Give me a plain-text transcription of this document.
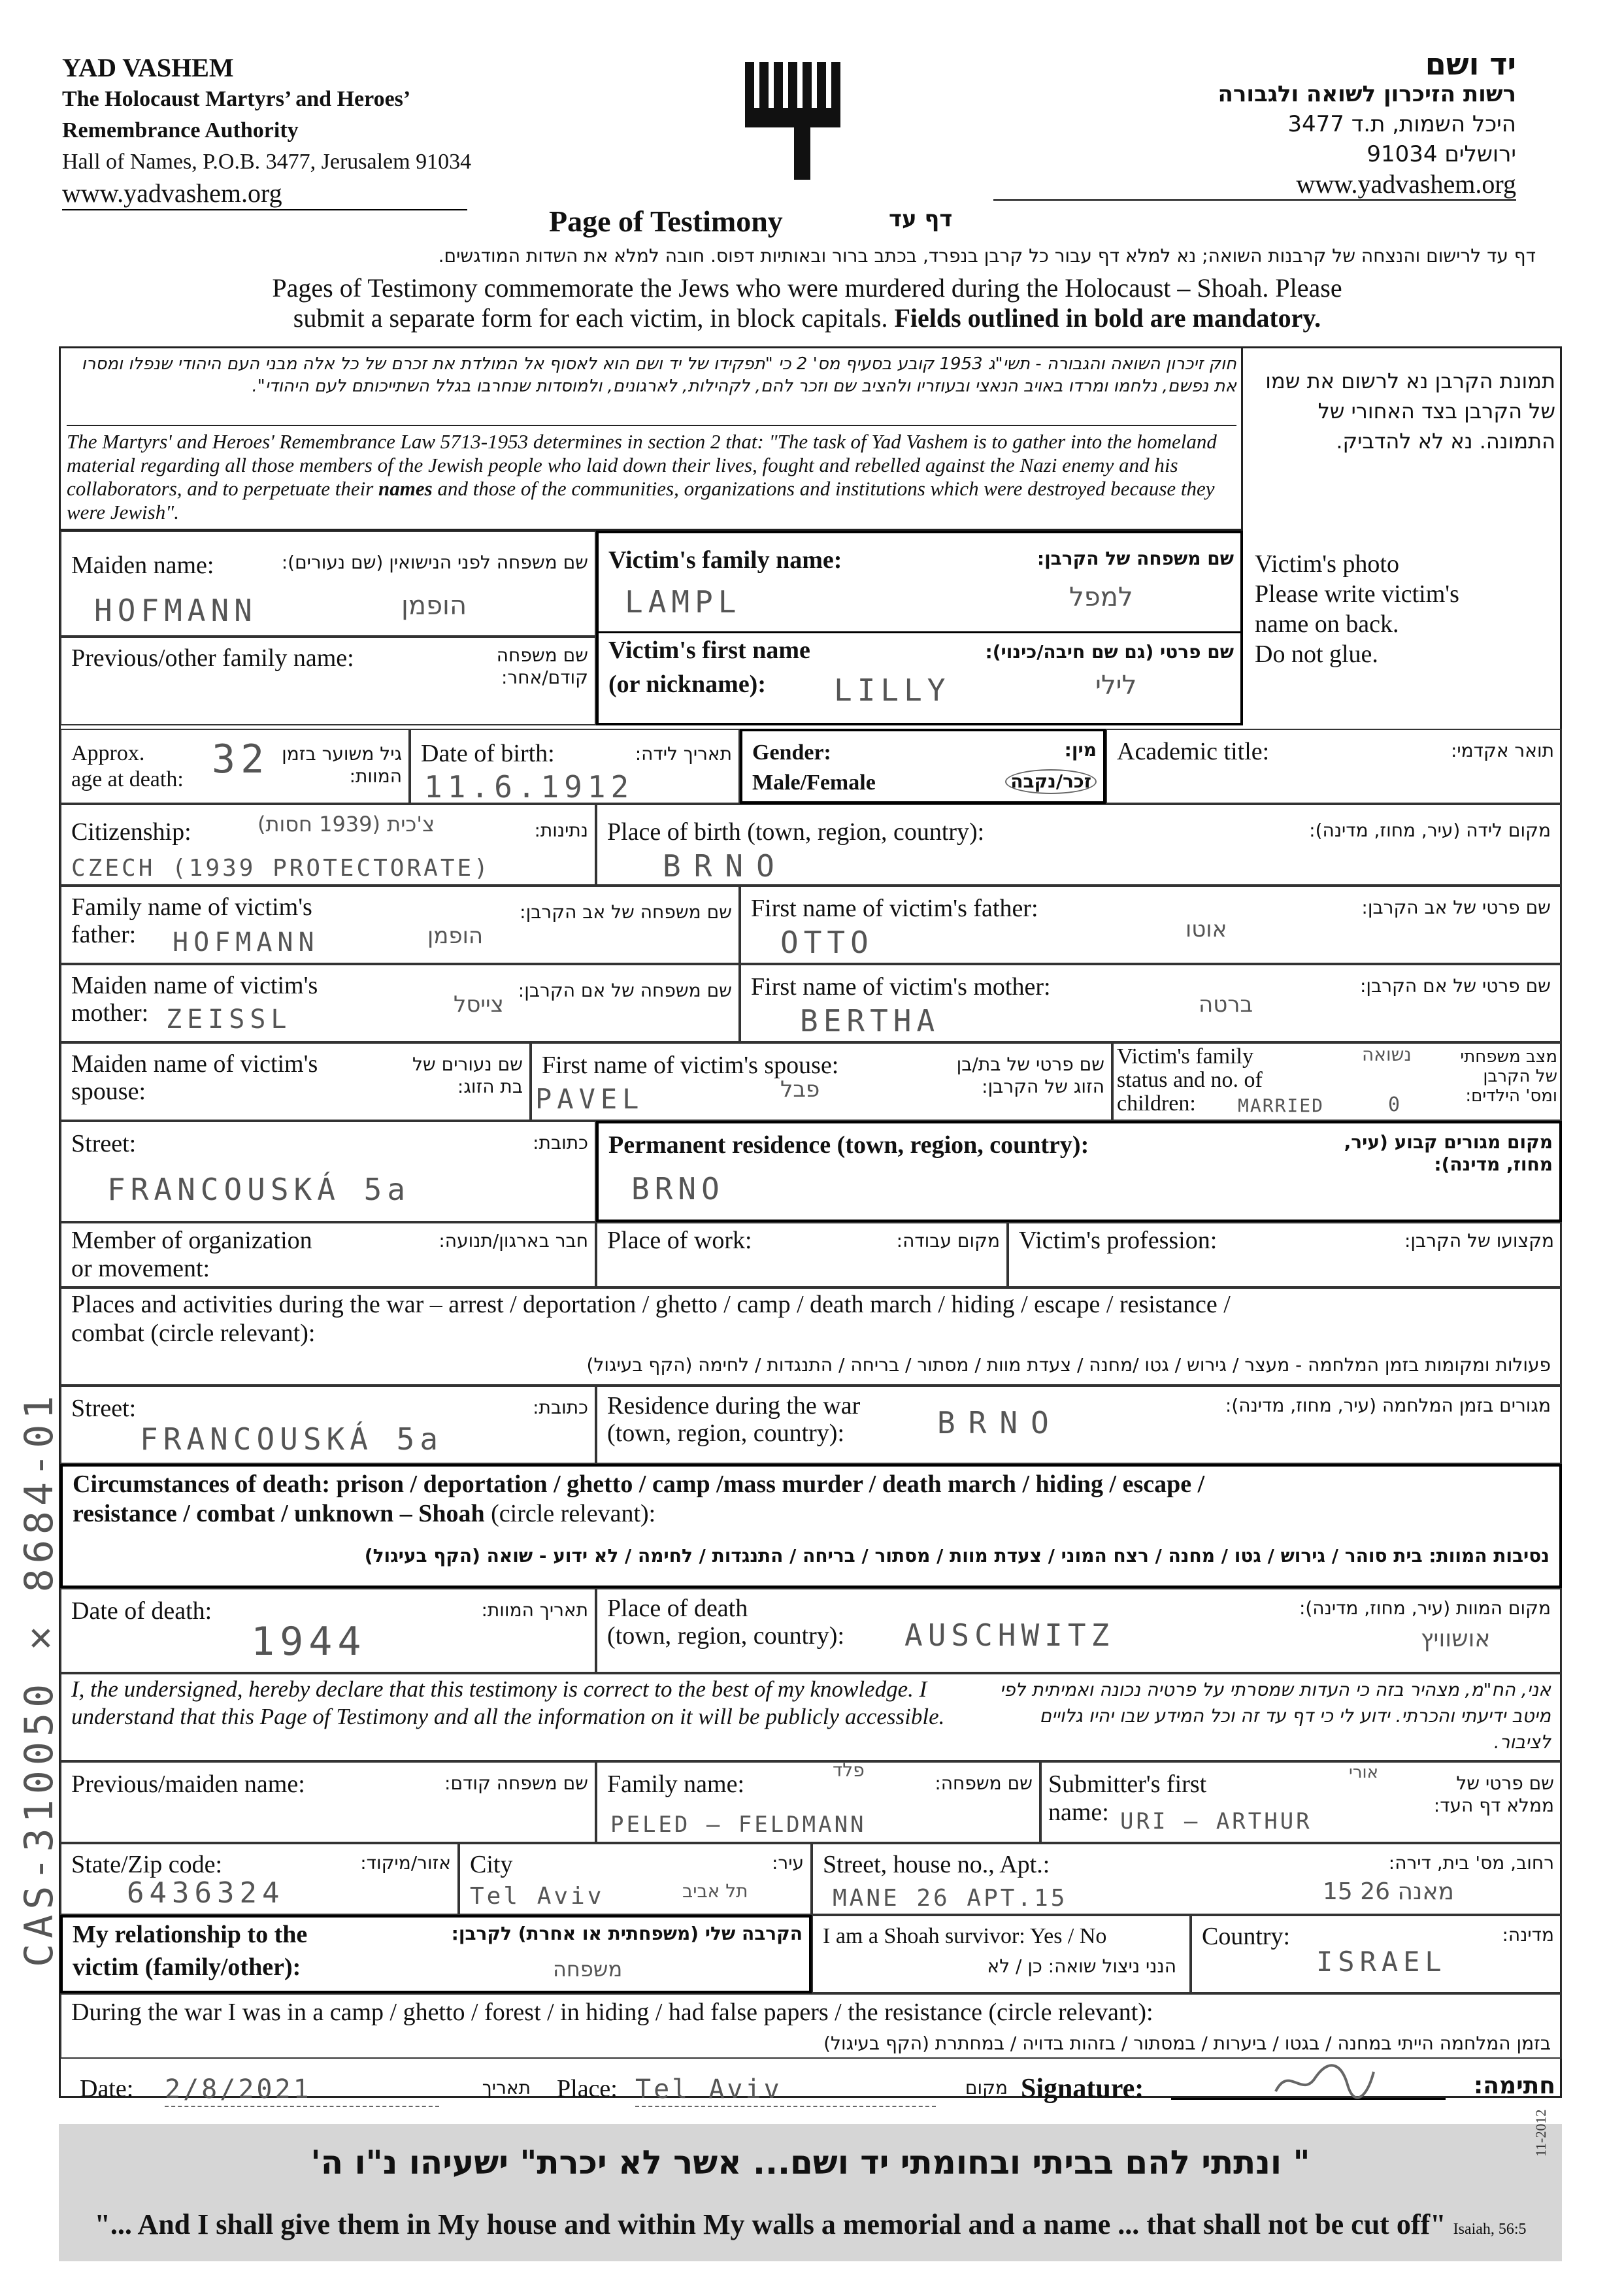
YAD VASHEM
The Holocaust Martyrs’ and Heroes’
Remembrance Authority
Hall of Names, P.O.B. 3477, Jerusalem 91034
www.yadvashem.org
יד ושם
רשות הזיכרון לשואה ולגבורה
היכל השמות, ת.ד 3477
ירושלים 91034
www.yadvashem.org
Page of Testimony	דף עד
דף עד לרישום והנצחה של קרבנות השואה; נא למלא דף עבור כל קרבן בנפרד, בכתב ברור ובאותיות דפוס. חובה למלא את השדות המודגשים.
Pages of Testimony commemorate the Jews who were murdered during the Holocaust – Shoah. Please
submit a separate form for each victim, in block capitals. Fields outlined in bold are mandatory.
חוק זיכרון השואה והגבורה - תשי"ג 1953 קובע בסעיף מס' 2 כי "תפקידו של יד ושם הוא לאסוף אל המולדת את זכרם של כל אלה מבני העם היהודי שנפלו ומסרו את נפשם, נלחמו ומרדו באויב הנאצי ובעוזריו ולהציב שם וזכר להם, לקהילות, לארגונים, ולמוסדות שנחרבו בגלל השתייכותם לעם היהודי".
The Martyrs' and Heroes' Remembrance Law 5713-1953 determines in section 2 that: "The task of Yad Vashem is to gather into the homeland material regarding all those members of the Jewish people who laid down their lives, fought and rebelled against the Nazi enemy and his collaborators, and to perpetuate their names and those of the communities, organizations and institutions which were destroyed because they were Jewish".
תמונת הקרבן נא לרשום את שמו של הקרבן בצד האחורי של התמונה. נא לא להדביק.
Victim's photo
Please write victim's
name on back.
Do not glue.
Maiden name:	שם משפחה לפני הנישואין (שם נעורים):
HOFMANN	הופמן
Victim's family name:	שם משפחה של הקרבן:
LAMPL	למפל
Victim's first name
(or nickname):
שם פרטי (גם שם חיבה/כינוי):
LILLY	לילי
Previous/other family name:	שם משפחה קודם/אחר:
Approx.
age at death:
גיל משוער בזמן המוות:
32	Date of birth:	תאריך לידה:
11.6.1912
Gender:
Male/Female
מין:
זכר/נקבה
Academic title:	תואר אקדמי:
Citizenship:	נתינות:
צ'כית (1939 חסות)
CZECH (1939 PROTECTORATE)
Place of birth (town, region, country):	מקום לידה (עיר, מחוז, מדינה):
BRNO
Family name of victim's
father:
שם משפחה של אב הקרבן:
HOFMANN	הופמן
First name of victim's father:	שם פרטי של אב הקרבן:
OTTO	אוטו
Maiden name of victim's
mother:
שם משפחה של אם הקרבן:
ZEISSL	צייסל
First name of victim's mother:	שם פרטי של אם הקרבן:
BERTHA	ברטה
Maiden name of victim's
spouse:
שם נעורים של בת הזוג:
First name of victim's spouse:	שם פרטי של בת/בן הזוג של הקרבן:
PAVEL	פבל
Victim's family
status and no. of
children:
מצב משפחתי של הקרבן ומס' הילדים:
MARRIED
נשואה
0
Street:	כתובת:
FRANCOUSKÁ 5a
Permanent residence (town, region, country):	מקום מגורים קבוע (עיר, מחוז, מדינה):
BRNO
Member of organization
or movement:
חבר בארגון/תנועה: Place of work:	מקום עבודה: Victim's profession:	מקצועו של הקרבן:
Places and activities during the war – arrest / deportation / ghetto / camp / death march / hiding / escape / resistance /
combat (circle relevant):
פעולות ומקומות בזמן המלחמה - מעצר / גירוש / גטו /מחנה / צעדת מוות / מסתור / בריחה / התנגדות / לחימה (הקף בעיגול)
Street:	כתובת:
FRANCOUSKÁ 5a
Residence during the war
(town, region, country):
מגורים בזמן המלחמה (עיר, מחוז, מדינה):
BRNO
Circumstances of death: prison / deportation / ghetto / camp /mass murder / death march / hiding / escape /
resistance / combat / unknown – Shoah (circle relevant):
נסיבות המוות: בית סוהר / גירוש / גטו / מחנה / רצח המוני / צעדת מוות / מסתור / בריחה / התנגדות / לחימה / לא ידוע - שואה (הקף בעיגול)
Date of death:	תאריך המוות:
1944
Place of death
(town, region, country):
מקום המוות (עיר, מחוז, מדינה):
AUSCHWITZ	אושוויץ
I, the undersigned, hereby declare that this testimony is correct to the best of my knowledge. I understand that this Page of Testimony and all the information on it will be publicly accessible.
אני, הח"מ, מצהיר בזה כי העדות שמסרתי על פרטיה נכונה ואמיתית לפי מיטב ידיעתי והכרתי. ידוע לי כי דף עד זה וכל המידע שבו יהיו גלויים לציבור.
Previous/maiden name:	שם משפחה קודם: Family name:	שם משפחה:
PELED – FELDMANN
פלד
Submitter's first
name:
שם פרטי של ממלא דף העד:
URI – ARTHUR
אורי
State/Zip code:	אזור/מיקוד:
6436324
City	עיר:
Tel Aviv	תל אביב
Street, house no., Apt.:	רחוב, מס' בית, דירה:
MANE 26 APT.15	מאנה 26 15
My relationship to the
victim (family/other):
הקרבה שלי (משפחתית או אחרת) לקרבן:
משפחה
I am a Shoah survivor: Yes / No
הנני ניצול שואה: כן / לא
Country:	מדינה:
ISRAEL
During the war I was in a camp / ghetto / forest / in hiding / had false papers / the resistance (circle relevant):
בזמן המלחמה הייתי במחנה / בגטו / ביערות / במסתור / בזהות בדויה / במחתרת (הקף בעיגול)
Date: 2/8/2021	תאריך Place: Tel Aviv	מקום Signature:	חתימה:
" ונתתי להם בביתי ובחומתי יד ושם... אשר לא יכרת" ישעיהו נ"ו ה'
"... And I shall give them in My house and within My walls a memorial and a name ... that shall not be cut off" Isaiah, 56:5
11-2012
CAS-310050 ✕ 8684-01
